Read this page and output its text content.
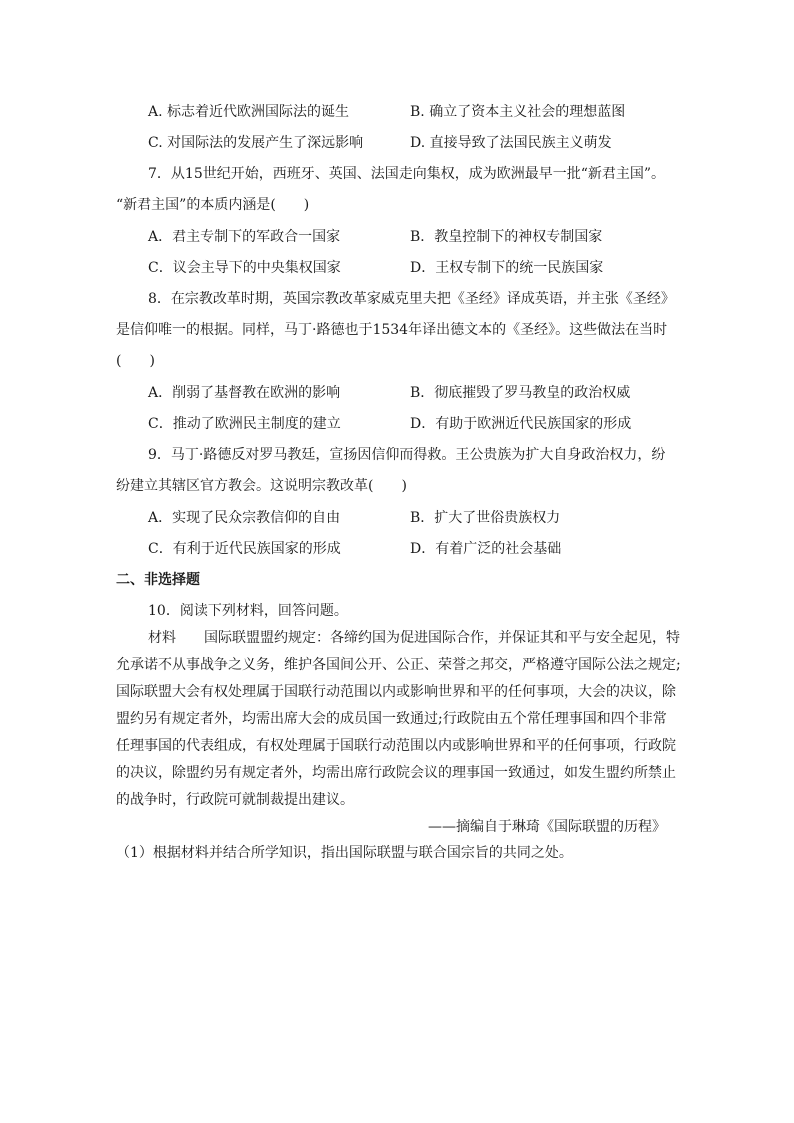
A. 标志着近代欧洲国际法的诞生	B. 确立了资本主义社会的理想蓝图
C. 对国际法的发展产生了深远影响	D. 直接导致了法国民族主义萌发
7．从15世纪开始，西班牙、英国、法国走向集权，成为欧洲最早一批“新君主国”。
“新君主国”的本质内涵是(　　)
A．君主专制下的军政合一国家	B．教皇控制下的神权专制国家
C．议会主导下的中央集权国家	D．王权专制下的统一民族国家
8．在宗教改革时期，英国宗教改革家威克里夫把《圣经》译成英语，并主张《圣经》
是信仰唯一的根据。同样，马丁·路德也于1534年译出德文本的《圣经》。这些做法在当时
(　　)
A．削弱了基督教在欧洲的影响	B．彻底摧毁了罗马教皇的政治权威
C．推动了欧洲民主制度的建立	D．有助于欧洲近代民族国家的形成
9．马丁·路德反对罗马教廷，宣扬因信仰而得救。王公贵族为扩大自身政治权力，纷
纷建立其辖区官方教会。这说明宗教改革(　　)
A．实现了民众宗教信仰的自由	B．扩大了世俗贵族权力
C．有利于近代民族国家的形成	D．有着广泛的社会基础
二、非选择题
10．阅读下列材料，回答问题。
材料　　国际联盟盟约规定：各缔约国为促进国际合作，并保证其和平与安全起见，特
允承诺不从事战争之义务，维护各国间公开、公正、荣誉之邦交，严格遵守国际公法之规定;
国际联盟大会有权处理属于国联行动范围以内或影响世界和平的任何事项，大会的决议，除
盟约另有规定者外，均需出席大会的成员国一致通过;行政院由五个常任理事国和四个非常
任理事国的代表组成，有权处理属于国联行动范围以内或影响世界和平的任何事项，行政院
的决议，除盟约另有规定者外，均需出席行政院会议的理事国一致通过，如发生盟约所禁止
的战争时，行政院可就制裁提出建议。
——摘编自于琳琦《国际联盟的历程》
（1）根据材料并结合所学知识，指出国际联盟与联合国宗旨的共同之处。
